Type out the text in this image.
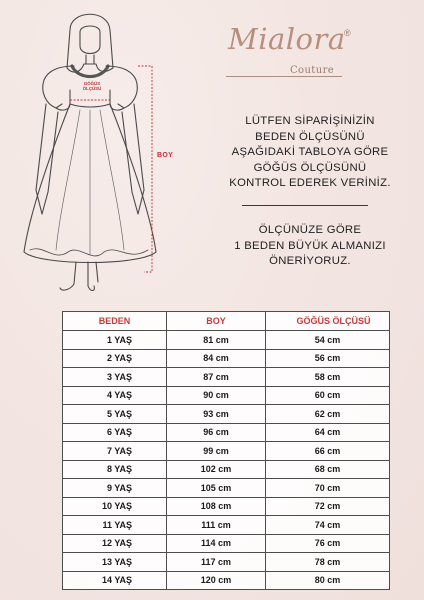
GÖĞÜS
ÖLÇÜSÜ
BOY
Mialora
®
Couture
LÜTFEN SİPARİŞİNİZİN
BEDEN ÖLÇÜSÜNÜ
AŞAĞIDAKİ TABLOYA GÖRE
GÖĞÜS ÖLÇÜSÜNÜ
KONTROL EDEREK VERİNİZ.
ÖLÇÜNÜZE GÖRE
1 BEDEN BÜYÜK ALMANIZI
ÖNERİYORUZ.
BEDEN	BOY	GÖĞÜS ÖLÇÜSÜ
1 YAŞ	81 cm	54 cm
2 YAŞ	84 cm	56 cm
3 YAŞ	87 cm	58 cm
4 YAŞ	90 cm	60 cm
5 YAŞ	93 cm	62 cm
6 YAŞ	96 cm	64 cm
7 YAŞ	99 cm	66 cm
8 YAŞ	102 cm	68 cm
9 YAŞ	105 cm	70 cm
10 YAŞ	108 cm	72 cm
11 YAŞ	111 cm	74 cm
12 YAŞ	114 cm	76 cm
13 YAŞ	117 cm	78 cm
14 YAŞ	120 cm	80 cm
